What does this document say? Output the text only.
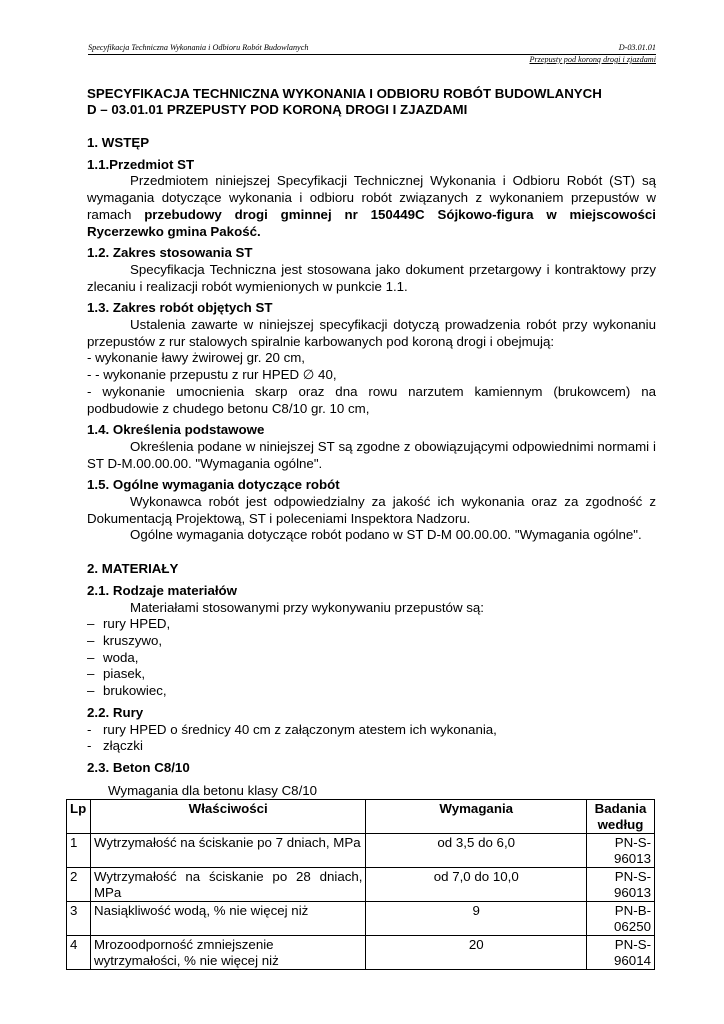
Specyfikacja Techniczna Wykonania i Odbioru Robót Budowlanych	D-03.01.01
Przepusty pod koroną drogi i zjazdami
SPECYFIKACJA TECHNICZNA WYKONANIA I ODBIORU ROBÓT BUDOWLANYCH
D – 03.01.01 PRZEPUSTY POD KORONĄ DROGI I ZJAZDAMI
1. WSTĘP
1.1.Przedmiot ST

Przedmiotem niniejszej Specyfikacji Technicznej Wykonania i Odbioru Robót (ST) są wymagania dotyczące wykonania i odbioru robót związanych z wykonaniem przepustów w ramach przebudowy drogi gminnej nr 150449C Sójkowo-figura w miejscowości Rycerzewko gmina Pakość.

1.2. Zakres stosowania ST

Specyfikacja Techniczna jest stosowana jako dokument przetargowy i kontraktowy przy zlecaniu i realizacji robót wymienionych w punkcie 1.1.

1.3. Zakres robót objętych ST

Ustalenia zawarte w niniejszej specyfikacji dotyczą prowadzenia robót przy wykonaniu przepustów z rur stalowych spiralnie karbowanych pod koroną drogi i obejmują:

- wykonanie ławy żwirowej gr. 20 cm,

- - wykonanie przepustu z rur HPED ∅ 40,

- wykonanie umocnienia skarp oraz dna rowu narzutem kamiennym (brukowcem) na podbudowie z chudego betonu C8/10 gr. 10 cm,

1.4. Określenia podstawowe

Określenia podane w niniejszej ST są zgodne z obowiązującymi odpowiednimi normami i ST D-M.00.00.00. "Wymagania ogólne".

1.5. Ogólne wymagania dotyczące robót

Wykonawca robót jest odpowiedzialny za jakość ich wykonania oraz za zgodność z Dokumentacją Projektową, ST i poleceniami Inspektora Nadzoru.

Ogólne wymagania dotyczące robót podano w ST D-M 00.00.00. "Wymagania ogólne".

2. MATERIAŁY
2.1. Rodzaje materiałów

Materiałami stosowanymi przy wykonywaniu przepustów są:

– rury HPED,
– kruszywo,
– woda,
– piasek,
– brukowiec,
2.2. Rury
- rury HPED o średnicy 40 cm z załączonym atestem ich wykonania,
- złączki
2.3. Beton C8/10

Wymagania dla betonu klasy C8/10

Lp	Właściwości	Wymagania	Badania według
1	Wytrzymałość na ściskanie po 7 dniach, MPa	od 3,5 do 6,0	PN-S-96013
2	Wytrzymałość na ściskanie po 28 dniach, MPa	od 7,0 do 10,0	PN-S-96013
3	Nasiąkliwość wodą, % nie więcej niż	9	PN-B-06250
4	Mrozoodporność zmniejszenie wytrzymałości, % nie więcej niż	20	PN-S-96014
